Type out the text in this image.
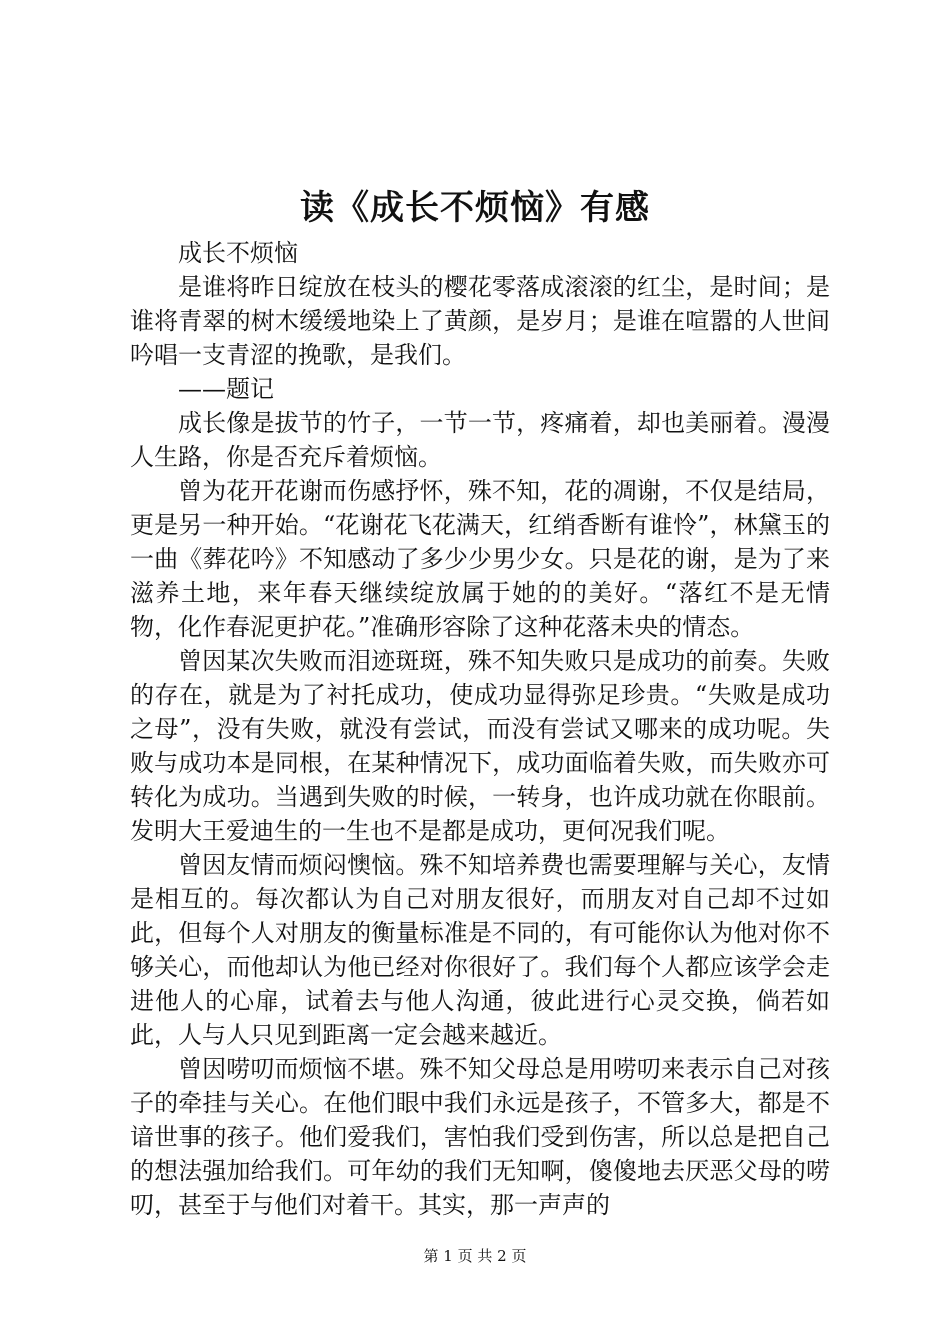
读《成长不烦恼》有感

成长不烦恼

是谁将昨日绽放在枝头的樱花零落成滚滚的红尘，是时间；是谁将青翠的树木缓缓地染上了黄颜，是岁月；是谁在喧嚣的人世间吟唱一支青涩的挽歌，是我们。

——题记

成长像是拔节的竹子，一节一节，疼痛着，却也美丽着。漫漫人生路，你是否充斥着烦恼。

曾为花开花谢而伤感抒怀，殊不知，花的凋谢，不仅是结局，更是另一种开始。“花谢花飞花满天，红绡香断有谁怜”，林黛玉的一曲《葬花吟》不知感动了多少少男少女。只是花的谢，是为了来滋养土地，来年春天继续绽放属于她的的美好。“落红不是无情物，化作春泥更护花。”准确形容除了这种花落未央的情态。

曾因某次失败而泪迹斑斑，殊不知失败只是成功的前奏。失败的存在，就是为了衬托成功，使成功显得弥足珍贵。“失败是成功之母”，没有失败，就没有尝试，而没有尝试又哪来的成功呢。失败与成功本是同根，在某种情况下，成功面临着失败，而失败亦可转化为成功。当遇到失败的时候，一转身，也许成功就在你眼前。发明大王爱迪生的一生也不是都是成功，更何况我们呢。

曾因友情而烦闷懊恼。殊不知培养费也需要理解与关心，友情是相互的。每次都认为自己对朋友很好，而朋友对自己却不过如此，但每个人对朋友的衡量标准是不同的，有可能你认为他对你不够关心，而他却认为他已经对你很好了。我们每个人都应该学会走进他人的心扉，试着去与他人沟通，彼此进行心灵交换，倘若如此，人与人只见到距离一定会越来越近。

曾因唠叨而烦恼不堪。殊不知父母总是用唠叨来表示自己对孩子的牵挂与关心。在他们眼中我们永远是孩子，不管多大，都是不谙世事的孩子。他们爱我们，害怕我们受到伤害，所以总是把自己的想法强加给我们。可年幼的我们无知啊，傻傻地去厌恶父母的唠叨，甚至于与他们对着干。其实，那一声声的

第 1 页 共 2 页
